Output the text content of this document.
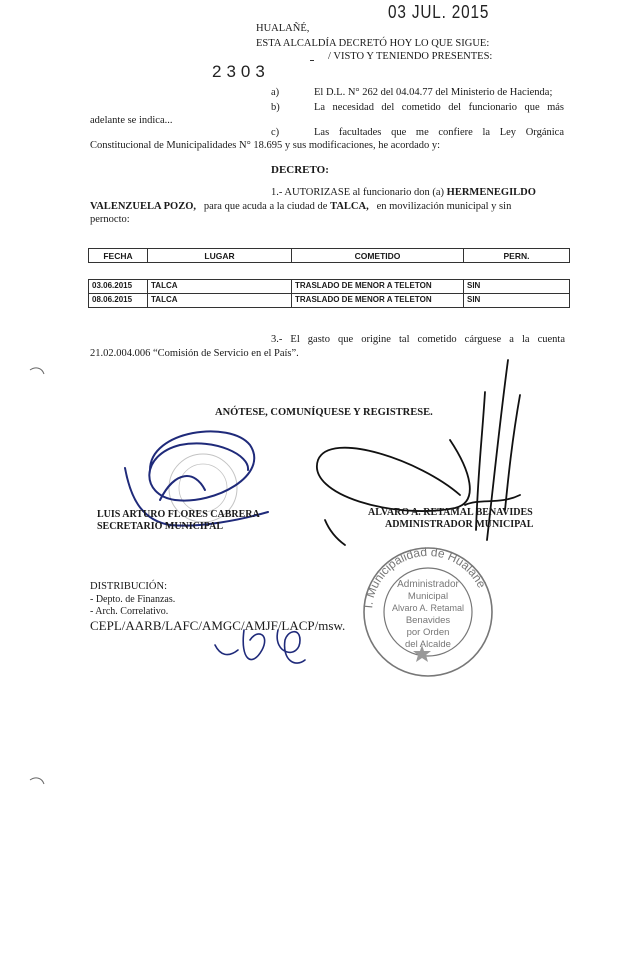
03 JUL. 2015
2303
HUALAÑÉ,
ESTA ALCALDÍA DECRETÓ HOY LO QUE SIGUE:
/ VISTO Y TENIENDO PRESENTES:
a)	El D.L. N° 262 del 04.04.77 del Ministerio de Hacienda;
b)	La necesidad del cometido del funcionario que más
adelante se indica...
c)	Las facultades que me confiere la Ley Orgánica
Constitucional de Municipalidades N° 18.695 y sus modificaciones, he acordado y:
DECRETO:
1.- AUTORIZASE al funcionario don (a) HERMENEGILDO
VALENZUELA POZO, para que acuda a la ciudad de TALCA, en movilización municipal y sin
pernocto:
FECHA	LUGAR	COMETIDO	PERN.
03.06.2015	TALCA	TRASLADO DE MENOR A TELETON	SIN
08.06.2015	TALCA	TRASLADO DE MENOR A TELETON	SIN
3.- El gasto que origine tal cometido cárguese a la cuenta
21.02.004.006 “Comisión de Servicio en el País”.
ANÓTESE, COMUNÍQUESE Y REGISTRESE.
I. Municipalidad de Hualañé
Administrador
Municipal
Alvaro A. Retamal
Benavides
por Orden
del Alcalde
LUIS ARTURO FLORES CABRERA
SECRETARIO MUNICIPAL
ALVARO A. RETAMAL BENAVIDES
ADMINISTRADOR MUNICIPAL
DISTRIBUCIÓN:
- Depto. de Finanzas.
- Arch. Correlativo.
CEPL/AARB/LAFC/AMGC/AMJF/LACP/msw.
